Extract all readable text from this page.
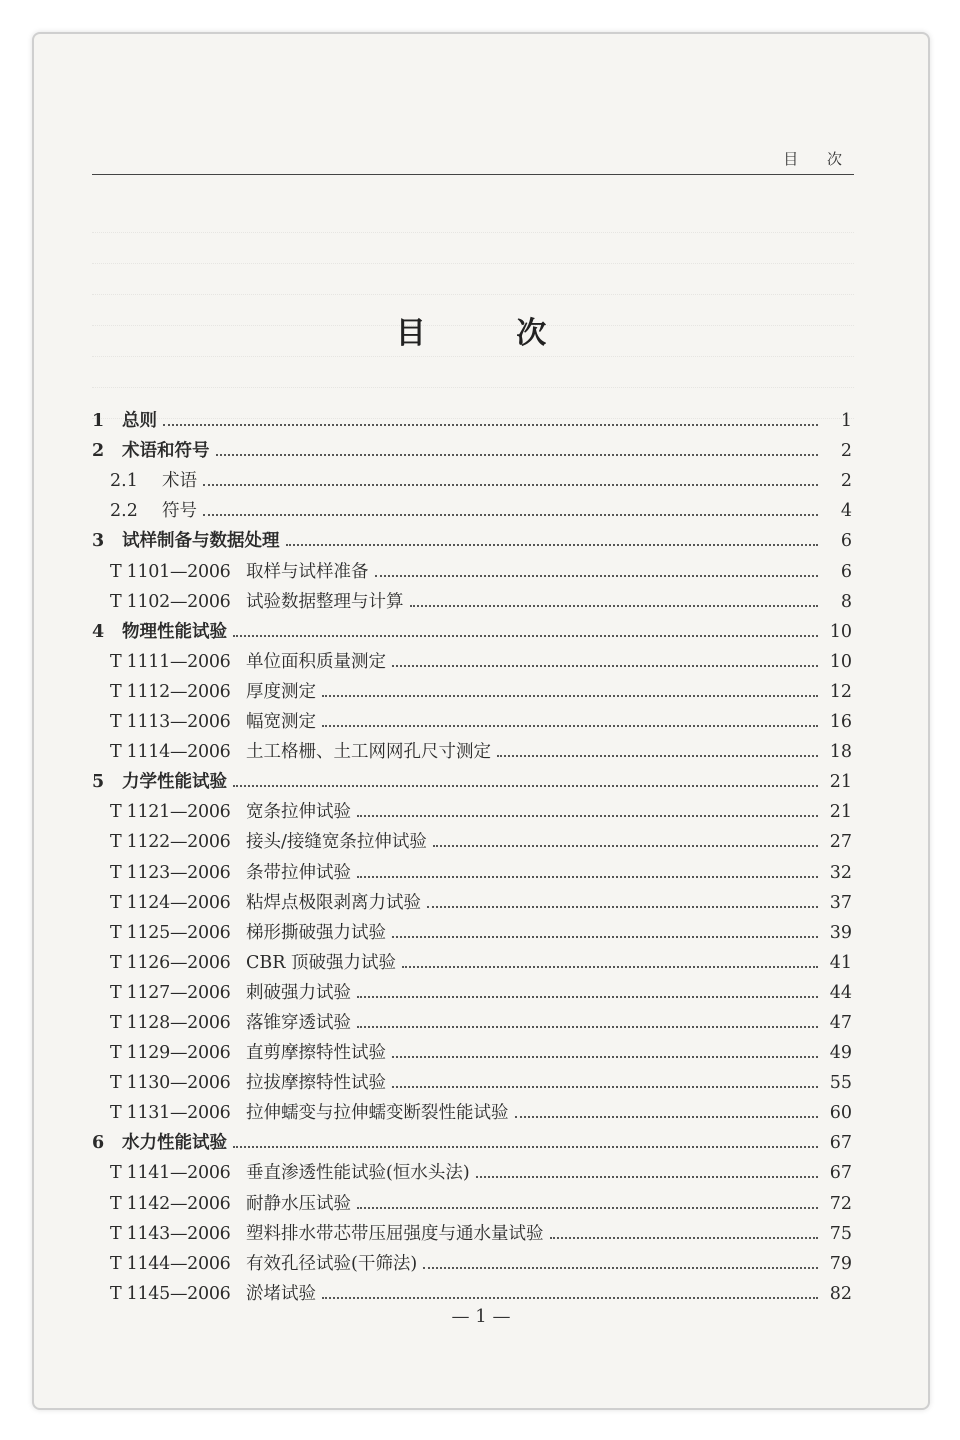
目 次
目 次
1	总则	1
2	术语和符号	2
2.1	术语	2
2.2	符号	4
3	试样制备与数据处理	6
T 1101—2006 取样与试样准备	6
T 1102—2006 试验数据整理与计算	8
4	物理性能试验	10
T 1111—2006 单位面积质量测定	10
T 1112—2006 厚度测定	12
T 1113—2006 幅宽测定	16
T 1114—2006 土工格栅、土工网网孔尺寸测定	18
5	力学性能试验	21
T 1121—2006 宽条拉伸试验	21
T 1122—2006 接头/接缝宽条拉伸试验	27
T 1123—2006 条带拉伸试验	32
T 1124—2006 粘焊点极限剥离力试验	37
T 1125—2006 梯形撕破强力试验	39
T 1126—2006 CBR 顶破强力试验	41
T 1127—2006 刺破强力试验	44
T 1128—2006 落锥穿透试验	47
T 1129—2006 直剪摩擦特性试验	49
T 1130—2006 拉拔摩擦特性试验	55
T 1131—2006 拉伸蠕变与拉伸蠕变断裂性能试验	60
6	水力性能试验	67
T 1141—2006 垂直渗透性能试验(恒水头法)	67
T 1142—2006 耐静水压试验	72
T 1143—2006 塑料排水带芯带压屈强度与通水量试验	75
T 1144—2006 有效孔径试验(干筛法)	79
T 1145—2006 淤堵试验	82
— 1 —
